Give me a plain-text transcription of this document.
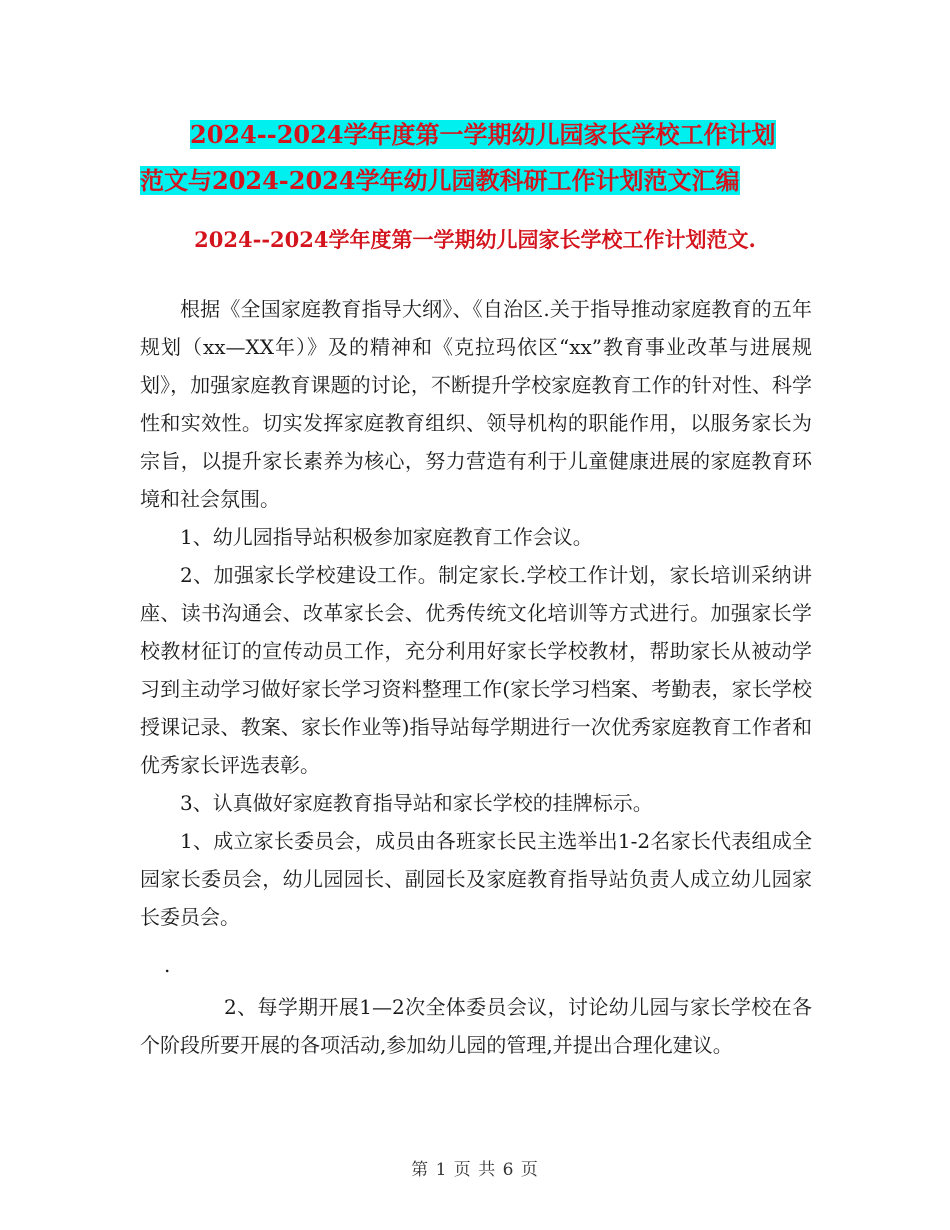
2024--2024学年度第一学期幼儿园家长学校工作计划
范文与2024-2024学年幼儿园教科研工作计划范文汇编
2024--2024学年度第一学期幼儿园家长学校工作计划范文.

根据《全国家庭教育指导大纲》、《自治区.关于指导推动家庭教育的五年规划（xx—XX年）》及的精神和《克拉玛依区“xx”教育事业改革与进展规划》，加强家庭教育课题的讨论，不断提升学校家庭教育工作的针对性、科学性和实效性。切实发挥家庭教育组织、领导机构的职能作用，以服务家长为宗旨，以提升家长素养为核心，努力营造有利于儿童健康进展的家庭教育环境和社会氛围。

1、幼儿园指导站积极参加家庭教育工作会议。

2、加强家长学校建设工作。制定家长.学校工作计划，家长培训采纳讲座、读书沟通会、改革家长会、优秀传统文化培训等方式进行。加强家长学校教材征订的宣传动员工作，充分利用好家长学校教材，帮助家长从被动学习到主动学习做好家长学习资料整理工作(家长学习档案、考勤表，家长学校授课记录、教案、家长作业等)指导站每学期进行一次优秀家庭教育工作者和优秀家长评选表彰。

3、认真做好家庭教育指导站和家长学校的挂牌标示。

1、成立家长委员会，成员由各班家长民主选举出1-2名家长代表组成全园家长委员会，幼儿园园长、副园长及家庭教育指导站负责人成立幼儿园家长委员会。

.

2、每学期开展1—2次全体委员会议，讨论幼儿园与家长学校在各个阶段所要开展的各项活动,参加幼儿园的管理,并提出合理化建议。

第 1 页 共 6 页
